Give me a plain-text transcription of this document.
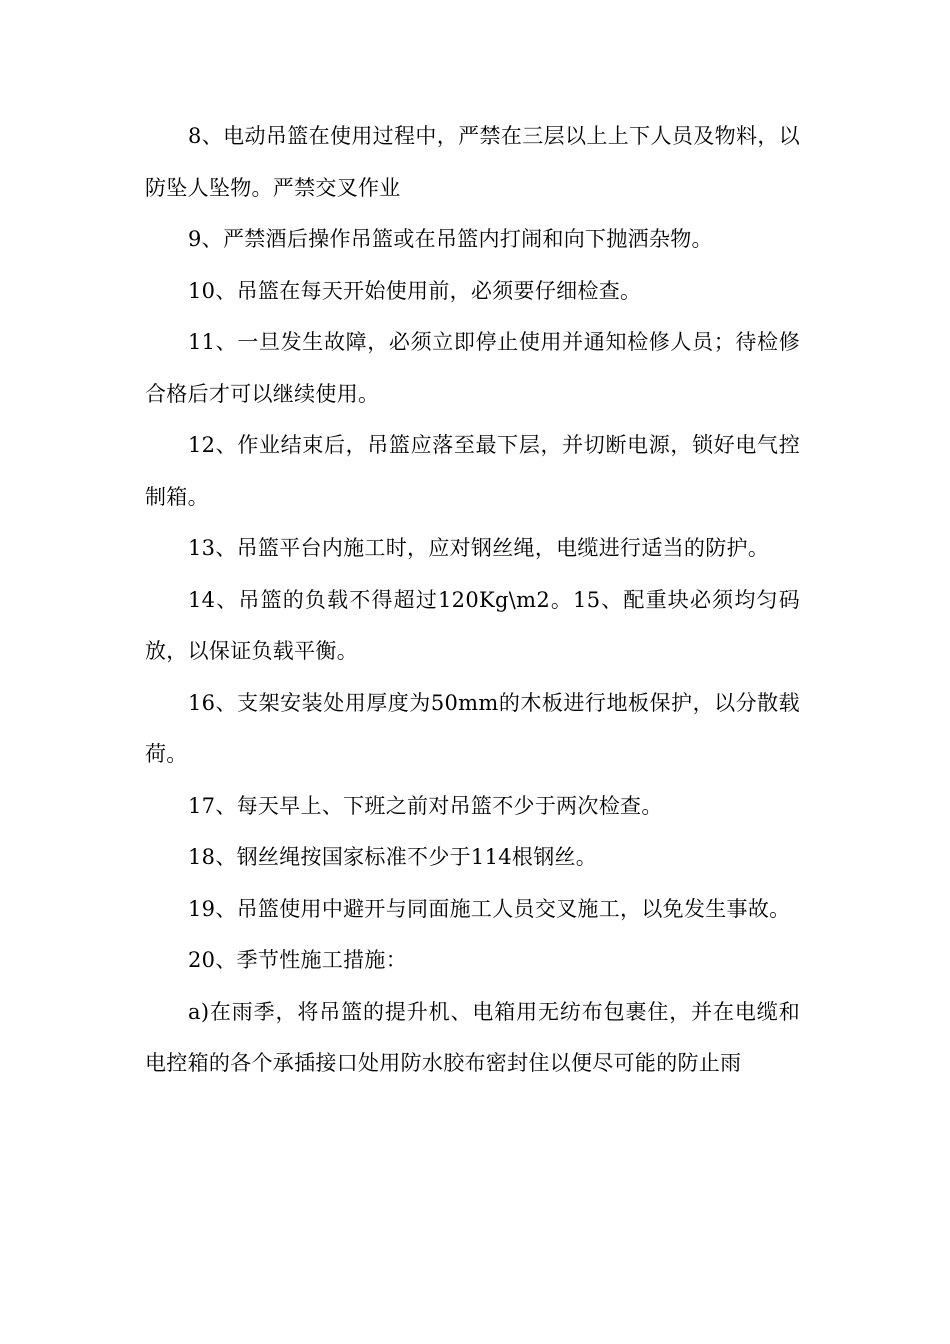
8、电动吊篮在使用过程中，严禁在三层以上上下人员及物料，以防坠人坠物。严禁交叉作业

9、严禁酒后操作吊篮或在吊篮内打闹和向下抛洒杂物。

10、吊篮在每天开始使用前，必须要仔细检查。

11、一旦发生故障，必须立即停止使用并通知检修人员；待检修合格后才可以继续使用。

12、作业结束后，吊篮应落至最下层，并切断电源，锁好电气控制箱。

13、吊篮平台内施工时，应对钢丝绳，电缆进行适当的防护。

14、吊篮的负载不得超过120Kg\m2。15、配重块必须均匀码放，以保证负载平衡。

16、支架安装处用厚度为50mm的木板进行地板保护，以分散载荷。

17、每天早上、下班之前对吊篮不少于两次检查。

18、钢丝绳按国家标准不少于114根钢丝。

19、吊篮使用中避开与同面施工人员交叉施工，以免发生事故。

20、季节性施工措施：

a)在雨季，将吊篮的提升机、电箱用无纺布包裹住，并在电缆和电控箱的各个承插接口处用防水胶布密封住以便尽可能的防止雨
